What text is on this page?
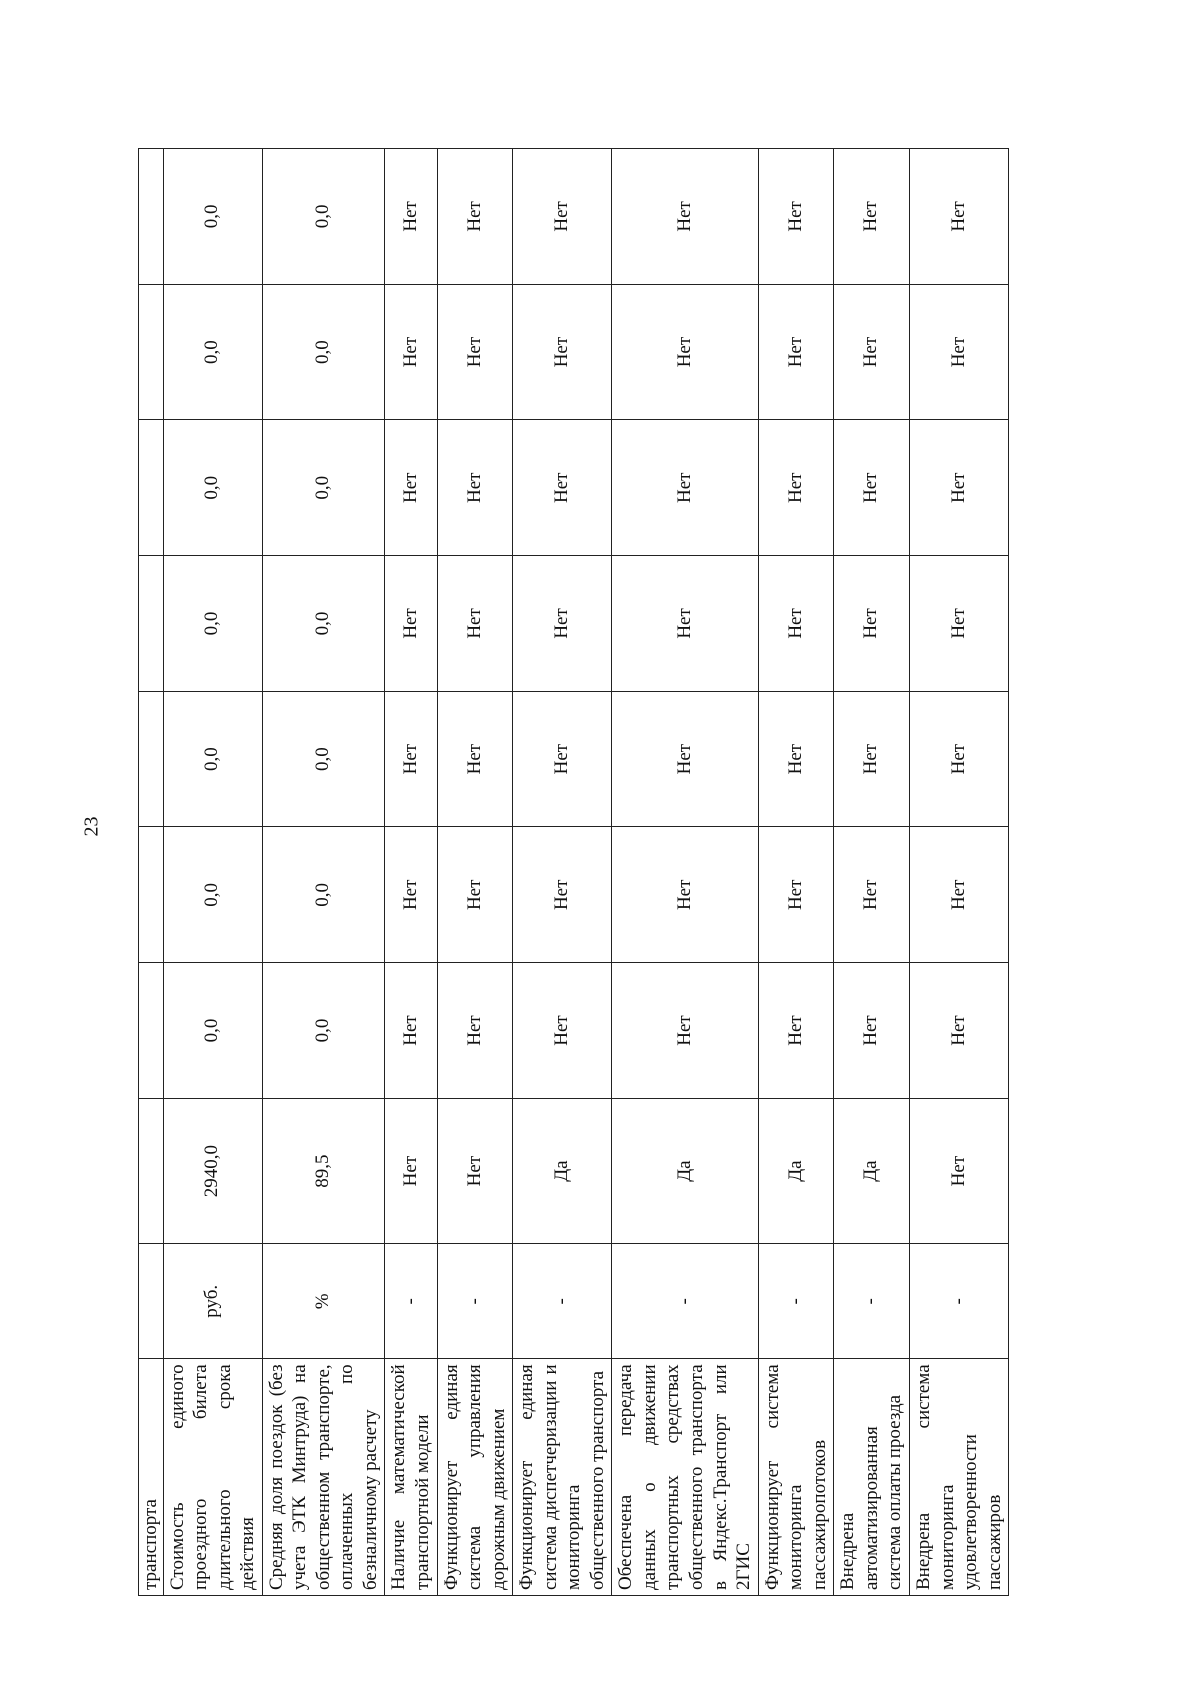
23
транспорта									
Стоимость единого проездного билета длительного срока действия	руб.	2940,0	0,0	0,0	0,0	0,0	0,0	0,0	0,0
Средняя доля поездок (без учета ЭТК Минтруда) на общественном транспорте, оплаченных по безналичному расчету	%	89,5	0,0	0,0	0,0	0,0	0,0	0,0	0,0
Наличие математической транспортной модели	-	Нет	Нет	Нет	Нет	Нет	Нет	Нет	Нет
Функционирует единая система управления дорожным движением	-	Нет	Нет	Нет	Нет	Нет	Нет	Нет	Нет
Функционирует единая система диспетчеризации и мониторинга общественного транспорта	-	Да	Нет	Нет	Нет	Нет	Нет	Нет	Нет
Обеспечена передача данных о движении транспортных средствах общественного транспорта в Яндекс.Транспорт или 2ГИС	-	Да	Нет	Нет	Нет	Нет	Нет	Нет	Нет
Функционирует система мониторинга пассажиропотоков	-	Да	Нет	Нет	Нет	Нет	Нет	Нет	Нет
Внедрена автоматизированная система оплаты проезда	-	Да	Нет	Нет	Нет	Нет	Нет	Нет	Нет
Внедрена система мониторинга удовлетворенности пассажиров	-	Нет	Нет	Нет	Нет	Нет	Нет	Нет	Нет
